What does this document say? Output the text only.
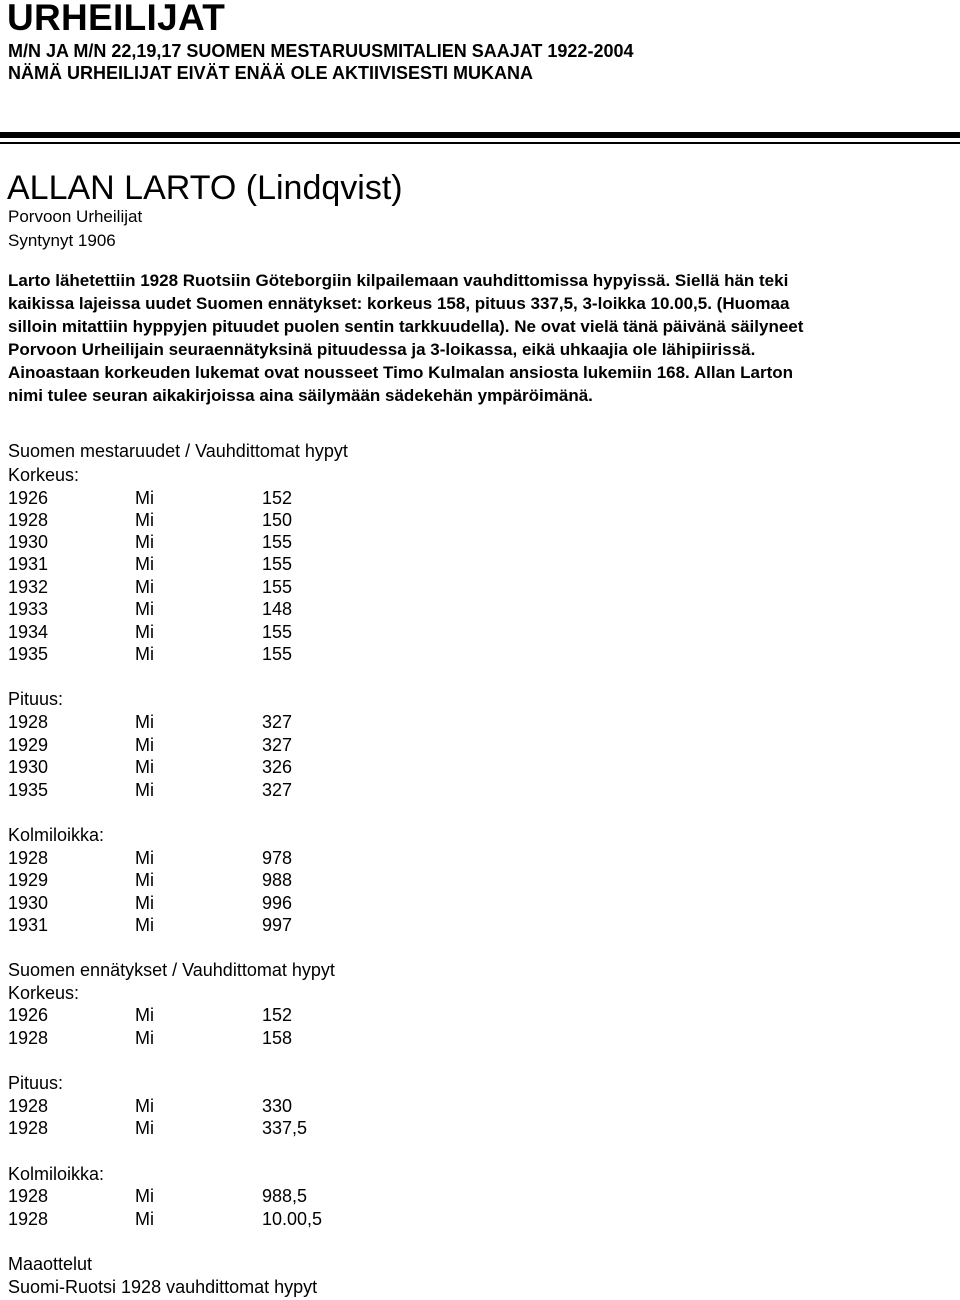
URHEILIJAT
M/N JA M/N 22,19,17 SUOMEN MESTARUUSMITALIEN SAAJAT 1922-2004
NÄMÄ URHEILIJAT EIVÄT ENÄÄ OLE AKTIIVISESTI MUKANA
ALLAN LARTO (Lindqvist)
Porvoon Urheilijat
Syntynyt 1906
Larto lähetettiin 1928 Ruotsiin Göteborgiin kilpailemaan vauhdittomissa hypyissä. Siellä hän teki
kaikissa lajeissa uudet Suomen ennätykset: korkeus 158, pituus 337,5, 3-loikka 10.00,5. (Huomaa
silloin mitattiin hyppyjen pituudet puolen sentin tarkkuudella). Ne ovat vielä tänä päivänä säilyneet
Porvoon Urheilijain seuraennätyksinä pituudessa ja 3-loikassa, eikä uhkaajia ole lähipiirissä.
Ainoastaan korkeuden lukemat ovat nousseet Timo Kulmalan ansiosta lukemiin 168. Allan Larton
nimi tulee seuran aikakirjoissa aina säilymään sädekehän ympäröimänä.
Suomen mestaruudet / Vauhdittomat hypyt
Korkeus:
1926	Mi	152
1928	Mi	150
1930	Mi	155
1931	Mi	155
1932	Mi	155
1933	Mi	148
1934	Mi	155
1935	Mi	155
Pituus:
1928	Mi	327
1929	Mi	327
1930	Mi	326
1935	Mi	327
Kolmiloikka:
1928	Mi	978
1929	Mi	988
1930	Mi	996
1931	Mi	997
Suomen ennätykset / Vauhdittomat hypyt
Korkeus:
1926	Mi	152
1928	Mi	158
Pituus:
1928	Mi	330
1928	Mi	337,5
Kolmiloikka:
1928	Mi	988,5
1928	Mi	10.00,5
Maaottelut
Suomi-Ruotsi 1928 vauhdittomat hypyt
